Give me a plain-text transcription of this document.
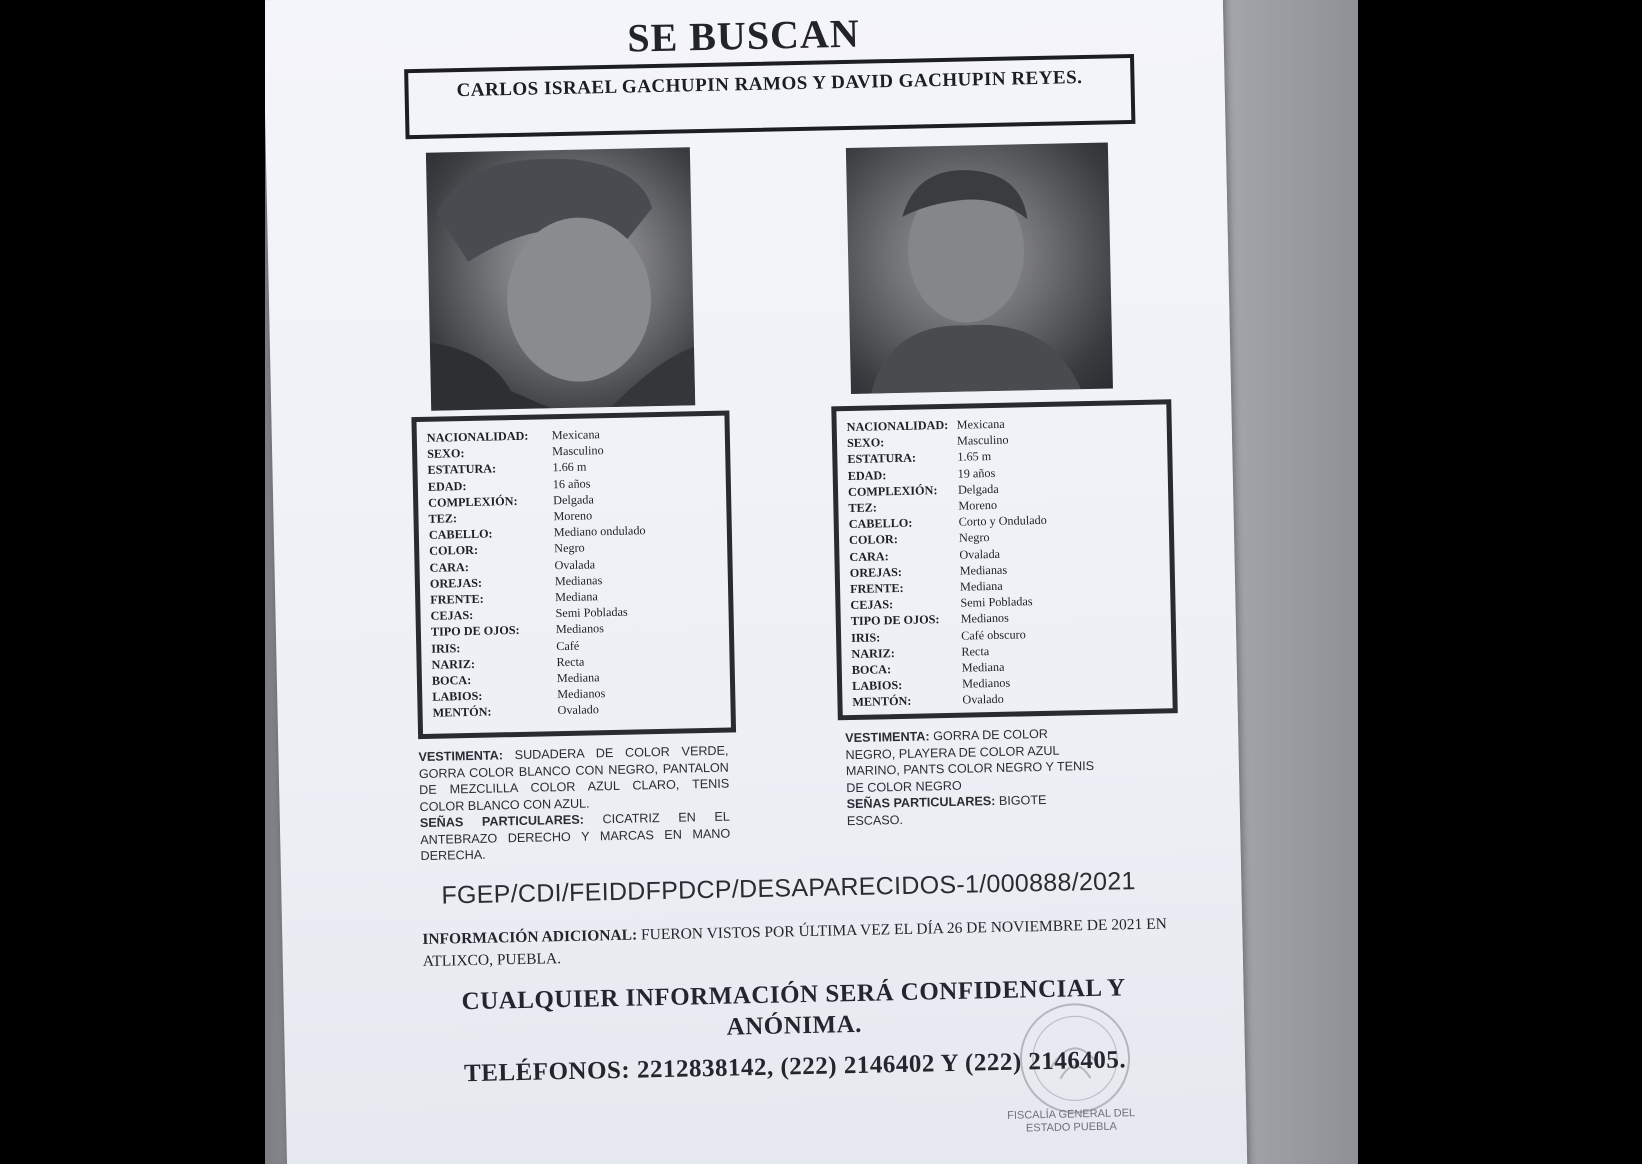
SE BUSCAN
CARLOS ISRAEL GACHUPIN RAMOS Y DAVID GACHUPIN REYES.
NACIONALIDAD:	Mexicana
SEXO:	Masculino
ESTATURA:	1.66 m
EDAD:	16 años
COMPLEXIÓN:	Delgada
TEZ:	Moreno
CABELLO:	Mediano ondulado
COLOR:	Negro
CARA:	Ovalada
OREJAS:	Medianas
FRENTE:	Mediana
CEJAS:	Semi Pobladas
TIPO DE OJOS:	Medianos
IRIS:	Café
NARIZ:	Recta
BOCA:	Mediana
LABIOS:	Medianos
MENTÓN:	Ovalado
NACIONALIDAD: Mexicana
SEXO:	Masculino
ESTATURA:	1.65 m
EDAD:	19 años
COMPLEXIÓN:	Delgada
TEZ:	Moreno
CABELLO:	Corto y Ondulado
COLOR:	Negro
CARA:	Ovalada
OREJAS:	Medianas
FRENTE:	Mediana
CEJAS:	Semi Pobladas
TIPO DE OJOS:	Medianos
IRIS:	Café obscuro
NARIZ:	Recta
BOCA:	Mediana
LABIOS:	Medianos
MENTÓN:	Ovalado
VESTIMENTA: SUDADERA DE COLOR VERDE, GORRA COLOR BLANCO CON NEGRO, PANTALON DE MEZCLILLA COLOR AZUL CLARO, TENIS COLOR BLANCO CON AZUL.
SEÑAS PARTICULARES: CICATRIZ EN EL ANTEBRAZO DERECHO Y MARCAS EN MANO DERECHA.
VESTIMENTA: GORRA DE COLOR NEGRO, PLAYERA DE COLOR AZUL MARINO, PANTS COLOR NEGRO Y TENIS DE COLOR NEGRO
SEÑAS PARTICULARES: BIGOTE ESCASO.
FGEP/CDI/FEIDDFPDCP/DESAPARECIDOS-1/000888/2021
INFORMACIÓN ADICIONAL: FUERON VISTOS POR ÚLTIMA VEZ EL DÍA 26 DE NOVIEMBRE DE 2021 EN ATLIXCO, PUEBLA.
CUALQUIER INFORMACIÓN SERÁ CONFIDENCIAL Y ANÓNIMA.
TELÉFONOS: 2212838142, (222) 2146402 Y (222) 2146405.
FISCALÍA GENERAL DEL ESTADO PUEBLA
